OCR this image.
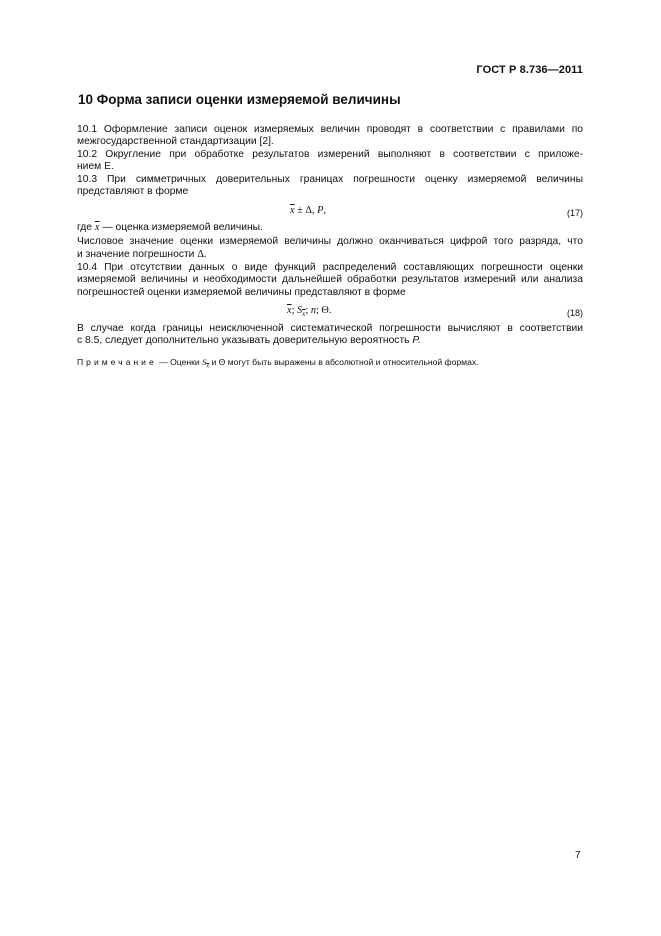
ГОСТ Р 8.736—2011
10 Форма записи оценки измеряемой величины
10.1 Оформление записи оценок измеряемых величин проводят в соответствии с правилами по
межгосударственной стандартизации [2].
10.2 Округление при обработке результатов измерений выполняют в соответствии с приложе-
нием Е.
10.3 При симметричных доверительных границах погрешности оценку измеряемой величины
представляют в форме
$\overline{x} \pm \Delta$, P,	(17)
где $\overline{x}$ — оценка измеряемой величины.
Числовое значение оценки измеряемой величины должно оканчиваться цифрой того разряда, что
и значение погрешности Δ.
10.4 При отсутствии данных о виде функций распределений составляющих погрешности оценки
измеряемой величины и необходимости дальнейшей обработки результатов измерений или анализа
погрешностей оценки измеряемой величины представляют в форме
$\overline{x}$; $S_{\overline{x}}$; n; Θ.	(18)
В случае когда границы неисключенной систематической погрешности вычисляют в соответствии
с 8.5, следует дополнительно указывать доверительную вероятность P.
Примечание — Оценки $S_{\overline{x}}$ и Θ могут быть выражены в абсолютной и относительной формах.
7
